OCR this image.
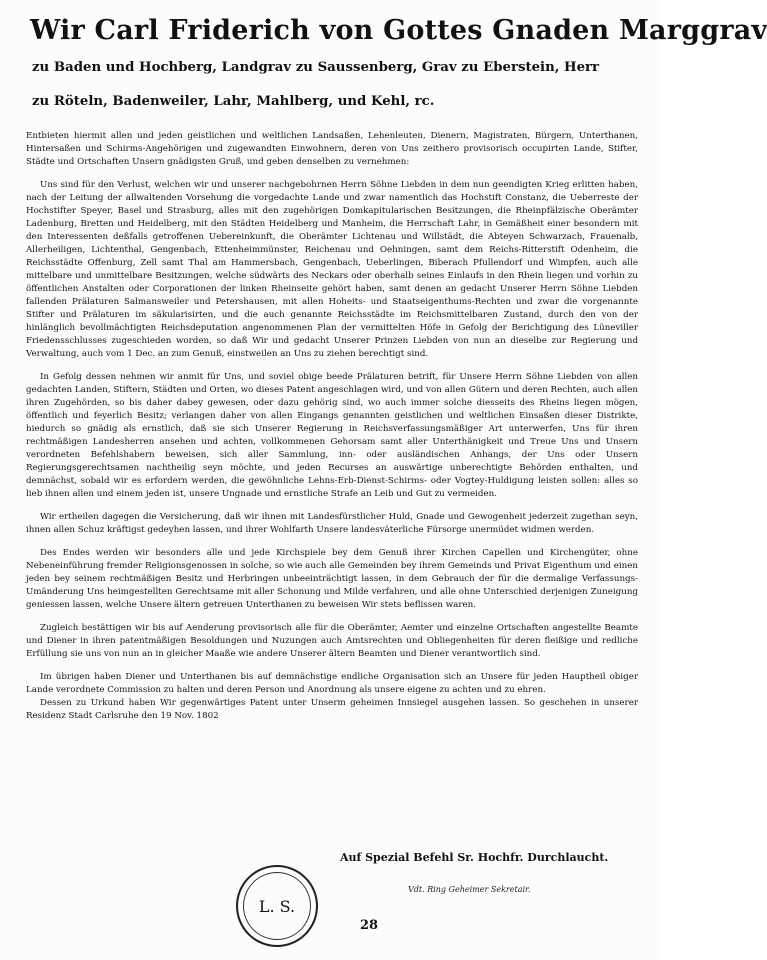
Wir Carl Friderich von Gottes Gnaden Marggrav
zu Baden und Hochberg, Landgrav zu Saussenberg, Grav zu Eberstein, Herr
zu Röteln, Badenweiler, Lahr, Mahlberg, und Kehl, rc.

Entbieten hiermit allen und jeden geistlichen und weltlichen Landsaßen, Lehenleuten, Dienern, Magistraten, Bürgern, Unterthanen, Hintersaßen und Schirms-Angehörigen und zugewandten Einwohnern, deren von Uns zeithero provisorisch occupirten Lande, Stifter, Städte und Ortschaften Unsern gnädigsten Gruß, und geben denselben zu vernehmen:

Uns sind für den Verlust, welchen wir und unserer nachgebohrnen Herrn Söhne Liebden in dem nun geendigten Krieg erlitten haben, nach der Leitung der allwaltenden Vorsehung die vorgedachte Lande und zwar namentlich das Hochstift Constanz, die Ueberreste der Hochstifter Speyer, Basel und Strasburg, alles mit den zugehörigen Domkapitularischen Besitzungen, die Rheinpfälzische Oberämter Ladenburg, Bretten und Heidelberg, mit den Städten Heidelberg und Manheim, die Herrschaft Lahr, in Gemäßheit einer besondern mit den Interessenten deßfalls getroffenen Uebereinkunft, die Oberämter Lichtenau und Willstädt, die Abteyen Schwarzach, Frauenalb, Allerheiligen, Lichtenthal, Gengenbach, Ettenheimmünster, Reichenau und Oehningen, samt dem Reichs-Ritterstift Odenheim, die Reichsstädte Offenburg, Zell samt Thal am Hammersbach, Gengenbach, Ueberlingen, Biberach Pfullendorf und Wimpfen, auch alle mittelbare und unmittelbare Besitzungen, welche südwärts des Neckars oder oberhalb seines Einlaufs in den Rhein liegen und vorhin zu öffentlichen Anstalten oder Corporationen der linken Rheinseite gehört haben, samt denen an gedacht Unserer Herrn Söhne Liebden fallenden Prälaturen Salmansweiler und Petershausen, mit allen Hoheits- und Staatseigenthums-Rechten und zwar die vorgenannte Stifter und Prälaturen im säkularisirten, und die auch genannte Reichsstädte im Reichsmittelbaren Zustand, durch den von der hinlänglich bevollmächtigten Reichsdeputation angenommenen Plan der vermittelten Höfe in Gefolg der Berichtigung des Lüneviller Friedensschlusses zugeschieden worden, so daß Wir und gedacht Unserer Prinzen Liebden von nun an dieselbe zur Regierung und Verwaltung, auch vom 1 Dec. an zum Genuß, einstweilen an Uns zu ziehen berechtigt sind.

In Gefolg dessen nehmen wir anmit für Uns, und soviel obige beede Prälaturen betrift, für Unsere Herrn Söhne Liebden von allen gedachten Landen, Stiftern, Städten und Orten, wo dieses Patent angeschlagen wird, und von allen Gütern und deren Rechten, auch allen ihren Zugehörden, so bis daher dabey gewesen, oder dazu gehörig sind, wo auch immer solche diesseits des Rheins liegen mögen, öffentlich und feyerlich Besitz; verlangen daher von allen Eingangs genannten geistlichen und weltlichen Einsaßen dieser Distrikte, hiedurch so gnädig als ernstlich, daß sie sich Unserer Regierung in Reichsverfassungsmäßiger Art unterwerfen, Uns für ihren rechtmäßigen Landesherren ansehen und achten, vollkommenen Gehorsam samt aller Unterthänigkeit und Treue Uns und Unsern verordneten Befehlshabern beweisen, sich aller Sammlung, inn- oder ausländischen Anhangs, der Uns oder Unsern Regierungsgerechtsamen nachtheilig seyn möchte, und jeden Recurses an auswärtige unberechtigte Behörden enthalten, und demnächst, sobald wir es erfordern werden, die gewöhnliche Lehns-Erb-Dienst-Schirms- oder Vogtey-Huldigung leisten sollen: alles so lieb ihnen allen und einem jeden ist, unsere Ungnade und ernstliche Strafe an Leib und Gut zu vermeiden.

Wir ertheilen dagegen die Versicherung, daß wir ihnen mit Landesfürstlicher Huld, Gnade und Gewogenheit jederzeit zugethan seyn, ihnen allen Schuz kräftigst gedeyhen lassen, und ihrer Wohlfarth Unsere landesväterliche Fürsorge unermüdet widmen werden.

Des Endes werden wir besonders alle und jede Kirchspiele bey dem Genuß ihrer Kirchen Capellen und Kirchengüter, ohne Nebeneinführung fremder Religionsgenossen in solche, so wie auch alle Gemeinden bey ihrem Gemeinds und Privat Eigenthum und einen jeden bey seinem rechtmäßigen Besitz und Herbringen unbeeinträchtigt lassen, in dem Gebrauch der für die dermalige Verfassungs-Umänderung Uns heimgestellten Gerechtsame mit aller Schonung und Milde verfahren, und alle ohne Unterschied derjenigen Zuneigung geniessen lassen, welche Unsere ältern getreuen Unterthanen zu beweisen Wir stets beflissen waren.

Zugleich bestättigen wir bis auf Aenderung provisorisch alle für die Oberämter, Aemter und einzelne Ortschaften angestellte Beamte und Diener in ihren patentmäßigen Besoldungen und Nuzungen auch Amtsrechten und Obliegenheiten für deren fleißige und redliche Erfüllung sie uns von nun an in gleicher Maaße wie andere Unserer ältern Beamten und Diener verantwortlich sind.

Im übrigen haben Diener und Unterthanen bis auf demnächstige endliche Organisation sich an Unsere für jeden Hauptheil obiger Lande verordnete Commission zu halten und deren Person und Anordnung als unsere eigene zu achten und zu ehren.

Dessen zu Urkund haben Wir gegenwärtiges Patent unter Unserm geheimen Innsiegel ausgehen lassen. So geschehen in unserer Residenz Stadt Carlsruhe den 19 Nov. 1802

Auf Spezial Befehl Sr. Hochfr. Durchlaucht.
L. S.
Vdt. Ring Geheimer Sekretair.
28
